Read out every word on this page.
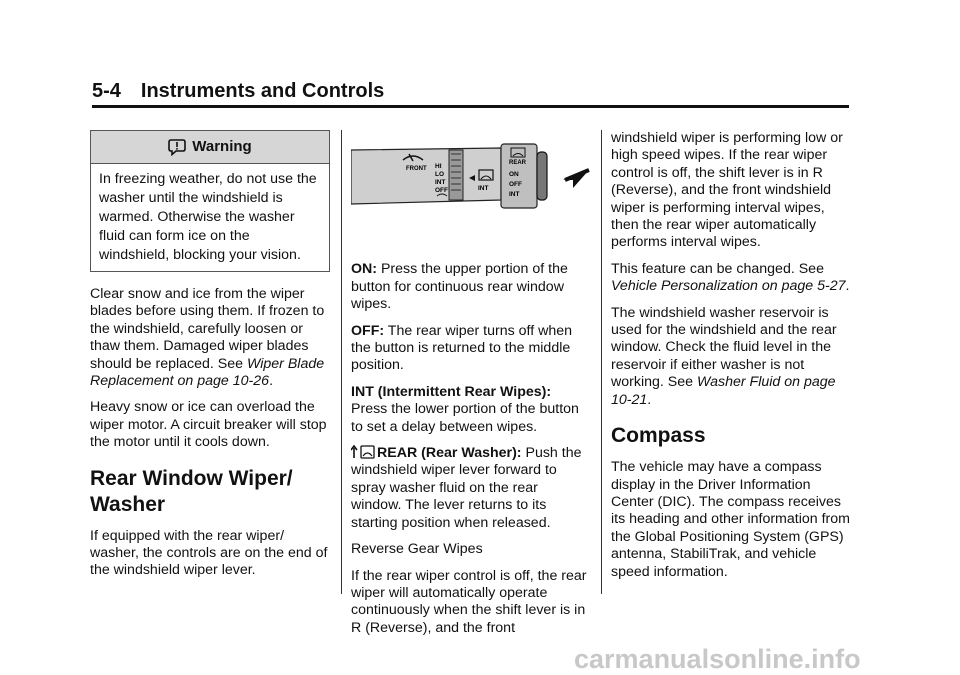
5-4 Instruments and Controls
Warning
In freezing weather, do not use the washer until the windshield is warmed. Otherwise the washer fluid can form ice on the windshield, blocking your vision.

Clear snow and ice from the wiper blades before using them. If frozen to the windshield, carefully loosen or thaw them. Damaged wiper blades should be replaced. See Wiper Blade Replacement on page 10-26.

Heavy snow or ice can overload the wiper motor. A circuit breaker will stop the motor until it cools down.

Rear Window Wiper/ Washer

If equipped with the rear wiper/ washer, the controls are on the end of the windshield wiper lever.

FRONT HI
LO
INT
OFF	INT
REAR
ON
OFF
INT

ON: Press the upper portion of the button for continuous rear window wipes.

OFF: The rear wiper turns off when the button is returned to the middle position.

INT (Intermittent Rear Wipes):
Press the lower portion of the button to set a delay between wipes.

REAR (Rear Washer): Push the windshield wiper lever forward to spray washer fluid on the rear window. The lever returns to its starting position when released.

Reverse Gear Wipes

If the rear wiper control is off, the rear wiper will automatically operate continuously when the shift lever is in R (Reverse), and the front

windshield wiper is performing low or high speed wipes. If the rear wiper control is off, the shift lever is in R (Reverse), and the front windshield wiper is performing interval wipes, then the rear wiper automatically performs interval wipes.

This feature can be changed. See Vehicle Personalization on page 5-27.

The windshield washer reservoir is used for the windshield and the rear window. Check the fluid level in the reservoir if either washer is not working. See Washer Fluid on page 10-21.

Compass

The vehicle may have a compass display in the Driver Information Center (DIC). The compass receives its heading and other information from the Global Positioning System (GPS) antenna, StabiliTrak, and vehicle speed information.

carmanualsonline.info
